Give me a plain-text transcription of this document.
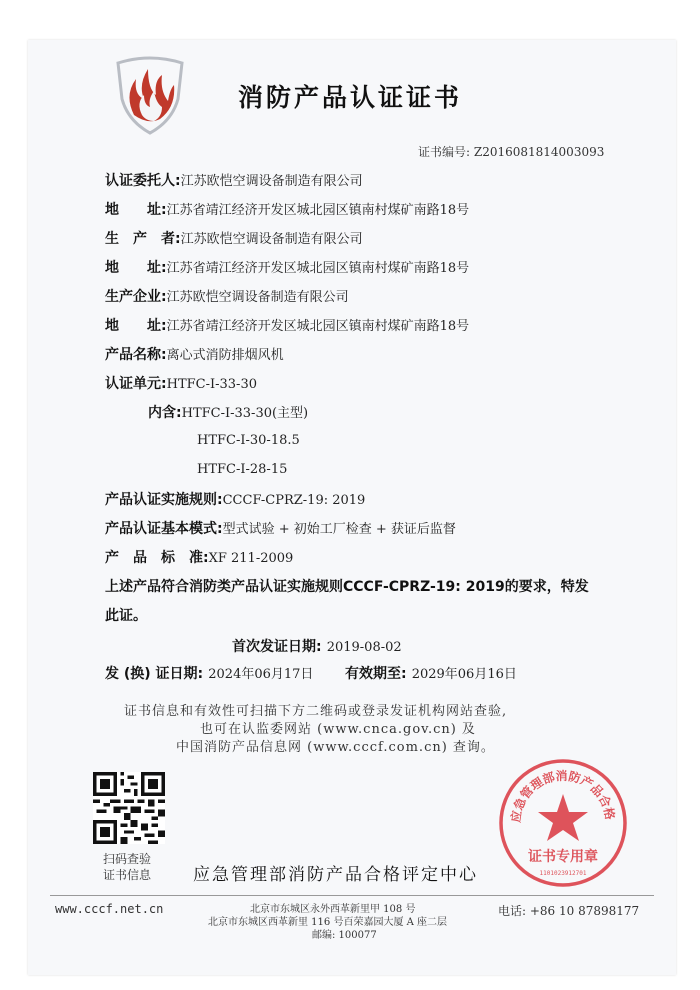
消防产品认证证书
证书编号: Z2016081814003093
认证委托人:江苏欧恺空调设备制造有限公司
地　　址:江苏省靖江经济开发区城北园区镇南村煤矿南路18号
生　产　者:江苏欧恺空调设备制造有限公司
地　　址:江苏省靖江经济开发区城北园区镇南村煤矿南路18号
生产企业:江苏欧恺空调设备制造有限公司
地　　址:江苏省靖江经济开发区城北园区镇南村煤矿南路18号
产品名称:离心式消防排烟风机
认证单元:HTFC-I-33-30
内含:HTFC-I-33-30(主型)
HTFC-I-30-18.5
HTFC-I-28-15
产品认证实施规则:CCCF-CPRZ-19: 2019
产品认证基本模式:型式试验 + 初始工厂检查 + 获证后监督
产　品　标　准:XF 211-2009
上述产品符合消防类产品认证实施规则CCCF-CPRZ-19: 2019的要求，特发
此证。
首次发证日期: 2019-08-02
发 (换) 证日期: 2024年06月17日 有效期至: 2029年06月16日
证书信息和有效性可扫描下方二维码或登录发证机构网站查验,
也可在认监委网站 (www.cnca.gov.cn) 及
中国消防产品信息网 (www.cccf.com.cn) 查询。
扫码查验
证书信息 应急管理部消防产品合格评定中心
应急管理部消防产品合格
证书专用章
1101023912701
www.cccf.net.cn	北京市东城区永外西革新里甲 108 号
北京市东城区西革新里 116 号百荣嘉园大厦 A 座二层
邮编: 100077
电话: +86 10 87898177
